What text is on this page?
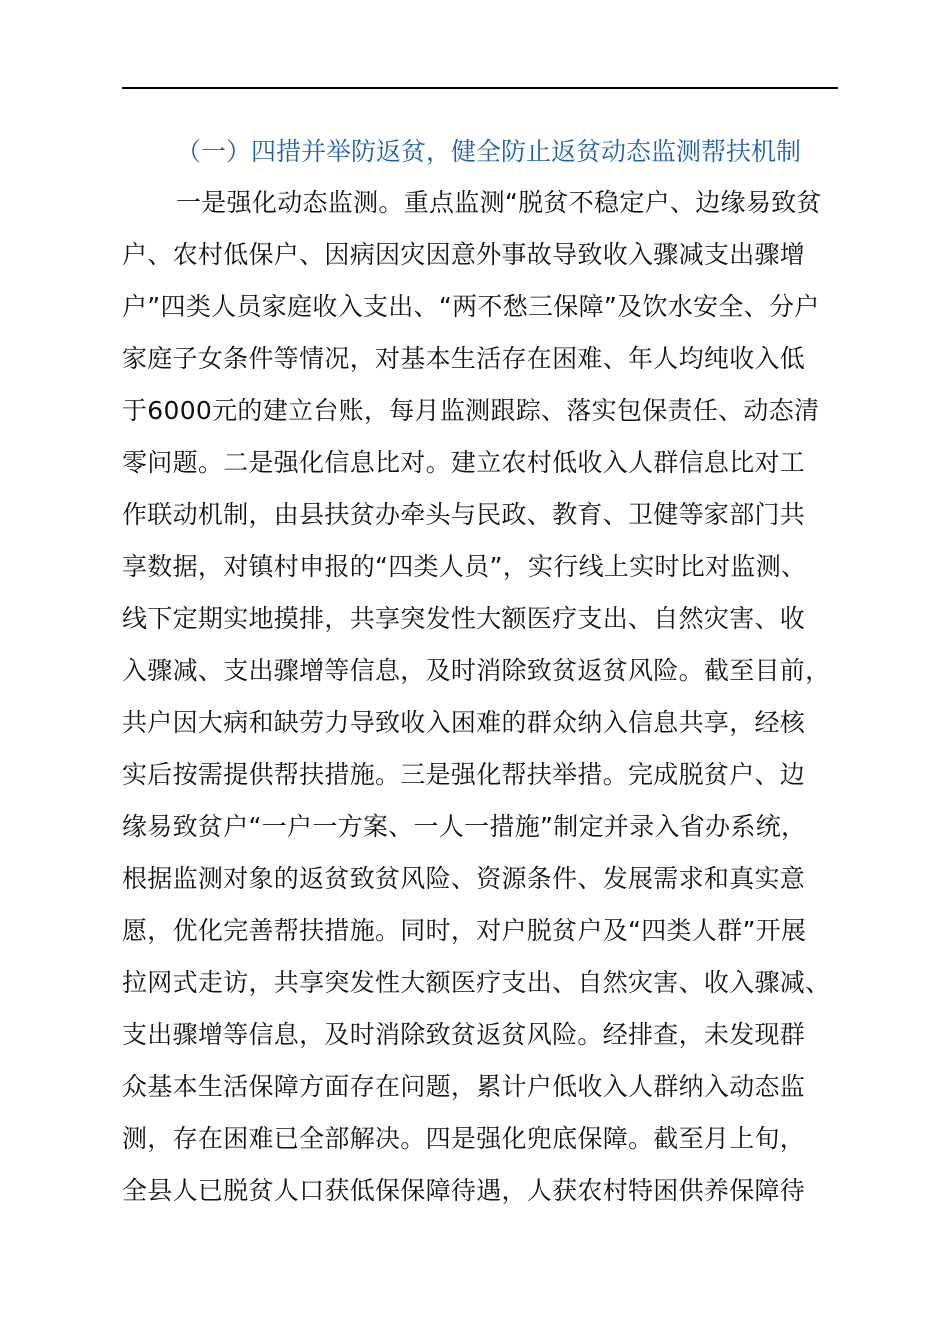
（一）四措并举防返贫，健全防止返贫动态监测帮扶机制
一是强化动态监测。重点监测“脱贫不稳定户、边缘易致贫
户、农村低保户、因病因灾因意外事故导致收入骤减支出骤增
户”四类人员家庭收入支出、“两不愁三保障”及饮水安全、分户
家庭子女条件等情况，对基本生活存在困难、年人均纯收入低
于6000元的建立台账，每月监测跟踪、落实包保责任、动态清
零问题。二是强化信息比对。建立农村低收入人群信息比对工
作联动机制，由县扶贫办牵头与民政、教育、卫健等家部门共
享数据，对镇村申报的“四类人员”，实行线上实时比对监测、
线下定期实地摸排，共享突发性大额医疗支出、自然灾害、收
入骤减、支出骤增等信息，及时消除致贫返贫风险。截至目前，
共户因大病和缺劳力导致收入困难的群众纳入信息共享，经核
实后按需提供帮扶措施。三是强化帮扶举措。完成脱贫户、边
缘易致贫户“一户一方案、一人一措施”制定并录入省办系统，
根据监测对象的返贫致贫风险、资源条件、发展需求和真实意
愿，优化完善帮扶措施。同时，对户脱贫户及“四类人群”开展
拉网式走访，共享突发性大额医疗支出、自然灾害、收入骤减、
支出骤增等信息，及时消除致贫返贫风险。经排查，未发现群
众基本生活保障方面存在问题，累计户低收入人群纳入动态监
测，存在困难已全部解决。四是强化兜底保障。截至月上旬，
全县人已脱贫人口获低保保障待遇，人获农村特困供养保障待
